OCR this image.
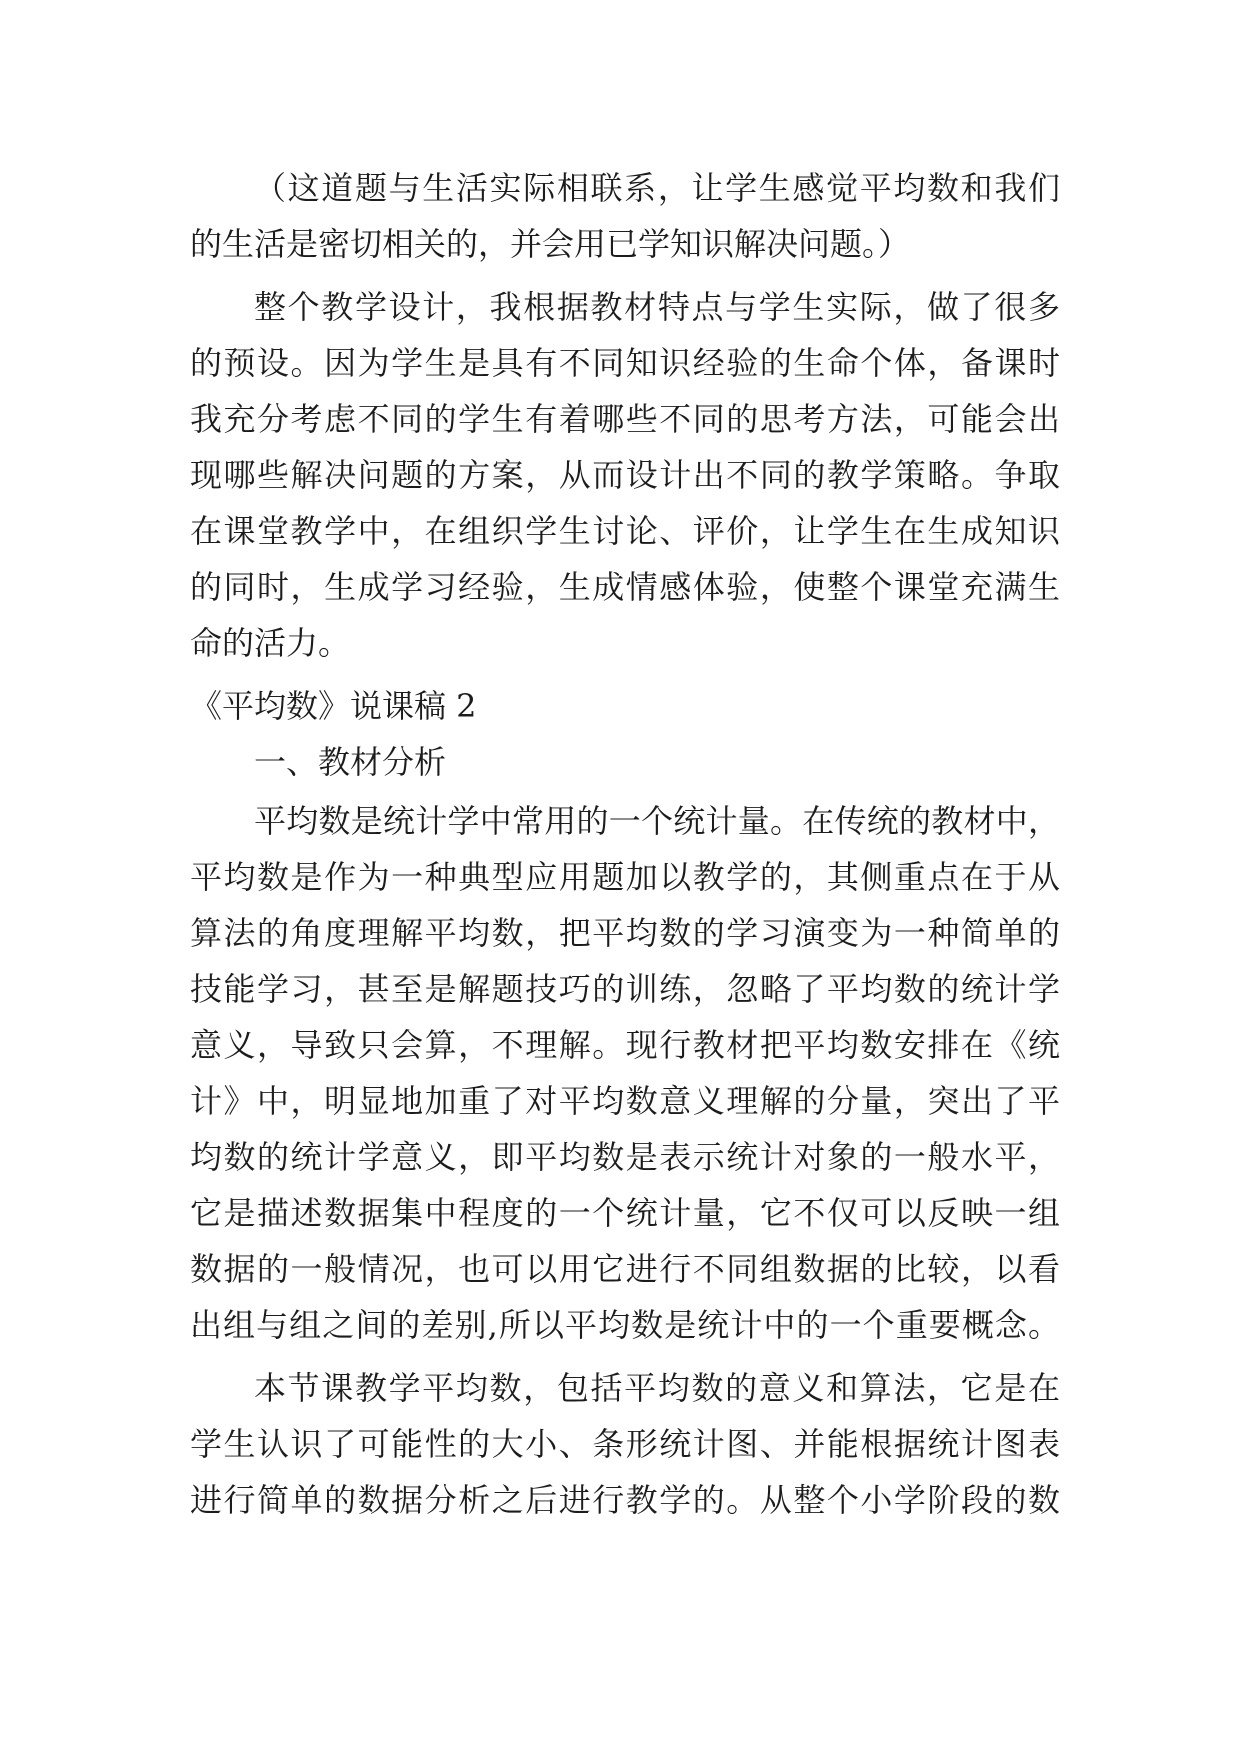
（这道题与生活实际相联系，让学生感觉平均数和我们
的生活是密切相关的，并会用已学知识解决问题。）
整个教学设计，我根据教材特点与学生实际，做了很多
的预设。因为学生是具有不同知识经验的生命个体，备课时
我充分考虑不同的学生有着哪些不同的思考方法，可能会出
现哪些解决问题的方案，从而设计出不同的教学策略。争取
在课堂教学中，在组织学生讨论、评价，让学生在生成知识
的同时，生成学习经验，生成情感体验，使整个课堂充满生
命的活力。
《平均数》说课稿 2
一、教材分析
平均数是统计学中常用的一个统计量。在传统的教材中，
平均数是作为一种典型应用题加以教学的，其侧重点在于从
算法的角度理解平均数，把平均数的学习演变为一种简单的
技能学习，甚至是解题技巧的训练，忽略了平均数的统计学
意义，导致只会算，不理解。现行教材把平均数安排在《统
计》中，明显地加重了对平均数意义理解的分量，突出了平
均数的统计学意义，即平均数是表示统计对象的一般水平，
它是描述数据集中程度的一个统计量，它不仅可以反映一组
数据的一般情况，也可以用它进行不同组数据的比较，以看
出组与组之间的差别,所以平均数是统计中的一个重要概念。
本节课教学平均数，包括平均数的意义和算法，它是在
学生认识了可能性的大小、条形统计图、并能根据统计图表
进行简单的数据分析之后进行教学的。从整个小学阶段的数
